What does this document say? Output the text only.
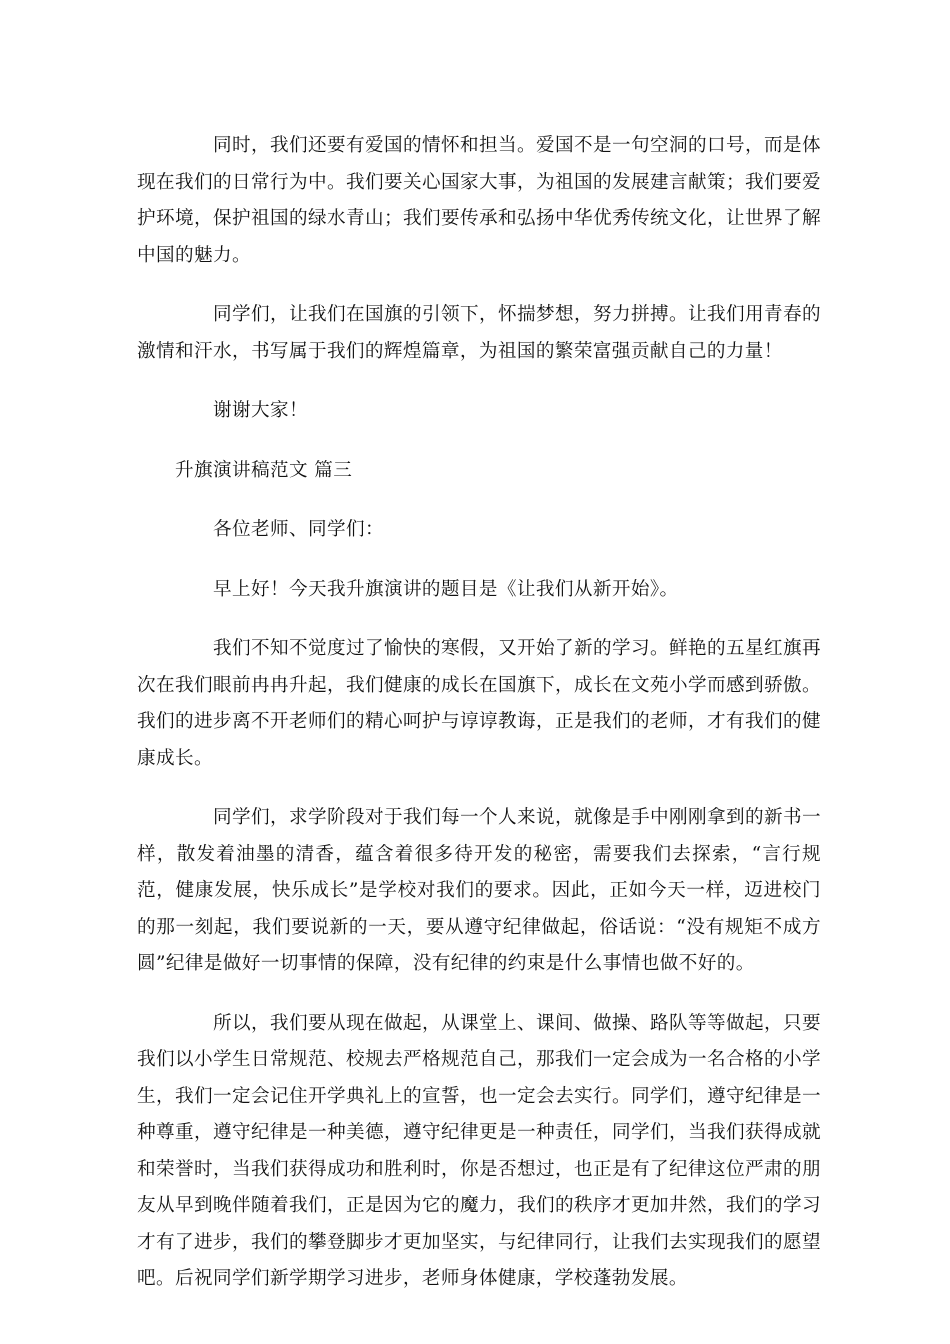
同时，我们还要有爱国的情怀和担当。爱国不是一句空洞的口号，而是体现在我们的日常行为中。我们要关心国家大事，为祖国的发展建言献策；我们要爱护环境，保护祖国的绿水青山；我们要传承和弘扬中华优秀传统文化，让世界了解中国的魅力。

同学们，让我们在国旗的引领下，怀揣梦想，努力拼搏。让我们用青春的激情和汗水，书写属于我们的辉煌篇章，为祖国的繁荣富强贡献自己的力量！

谢谢大家！

升旗演讲稿范文 篇三

各位老师、同学们：

早上好！今天我升旗演讲的题目是《让我们从新开始》。

我们不知不觉度过了愉快的寒假，又开始了新的学习。鲜艳的五星红旗再次在我们眼前冉冉升起，我们健康的成长在国旗下，成长在文苑小学而感到骄傲。我们的进步离不开老师们的精心呵护与谆谆教诲，正是我们的老师，才有我们的健康成长。

同学们，求学阶段对于我们每一个人来说，就像是手中刚刚拿到的新书一样，散发着油墨的清香，蕴含着很多待开发的秘密，需要我们去探索，“言行规范，健康发展，快乐成长”是学校对我们的要求。因此，正如今天一样，迈进校门的那一刻起，我们要说新的一天，要从遵守纪律做起，俗话说：“没有规矩不成方圆”纪律是做好一切事情的保障，没有纪律的约束是什么事情也做不好的。

所以，我们要从现在做起，从课堂上、课间、做操、路队等等做起，只要我们以小学生日常规范、校规去严格规范自己，那我们一定会成为一名合格的小学生，我们一定会记住开学典礼上的宣誓，也一定会去实行。同学们，遵守纪律是一种尊重，遵守纪律是一种美德，遵守纪律更是一种责任，同学们，当我们获得成就和荣誉时，当我们获得成功和胜利时，你是否想过，也正是有了纪律这位严肃的朋友从早到晚伴随着我们，正是因为它的魔力，我们的秩序才更加井然，我们的学习才有了进步，我们的攀登脚步才更加坚实，与纪律同行，让我们去实现我们的愿望吧。后祝同学们新学期学习进步，老师身体健康，学校蓬勃发展。
